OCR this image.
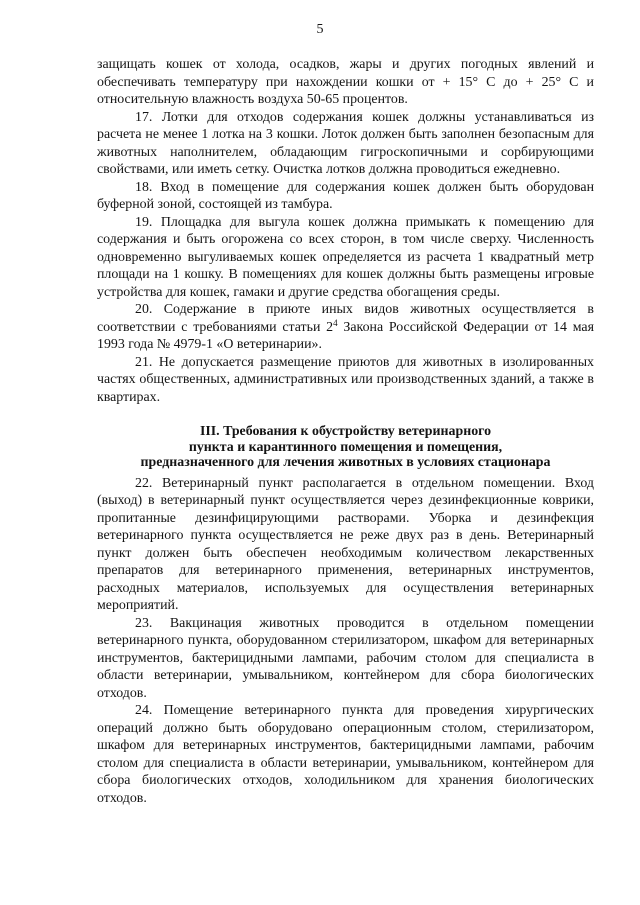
5

защищать кошек от холода, осадков, жары и других погодных явлений и обеспечивать температуру при нахождении кошки от + 15° С до + 25° С и относительную влажность воздуха 50-65 процентов.

17. Лотки для отходов содержания кошек должны устанавливаться из расчета не менее 1 лотка на 3 кошки. Лоток должен быть заполнен безопасным для животных наполнителем, обладающим гигроскопичными и сорбирующими свойствами, или иметь сетку. Очистка лотков должна проводиться ежедневно.

18. Вход в помещение для содержания кошек должен быть оборудован буферной зоной, состоящей из тамбура.

19. Площадка для выгула кошек должна примыкать к помещению для содержания и быть огорожена со всех сторон, в том числе сверху. Численность одновременно выгуливаемых кошек определяется из расчета 1 квадратный метр площади на 1 кошку. В помещениях для кошек должны быть размещены игровые устройства для кошек, гамаки и другие средства обогащения среды.

20. Содержание в приюте иных видов животных осуществляется в соответствии с требованиями статьи $2^4$ Закона Российской Федерации от 14 мая 1993 года № 4979-1 «О ветеринарии».

21. Не допускается размещение приютов для животных в изолированных частях общественных, административных или производственных зданий, а также в квартирах.

III. Требования к обустройству ветеринарного
пункта и карантинного помещения и помещения,
предназначенного для лечения животных в условиях стационара

22. Ветеринарный пункт располагается в отдельном помещении. Вход (выход) в ветеринарный пункт осуществляется через дезинфекционные коврики, пропитанные дезинфицирующими растворами. Уборка и дезинфекция ветеринарного пункта осуществляется не реже двух раз в день. Ветеринарный пункт должен быть обеспечен необходимым количеством лекарственных препаратов для ветеринарного применения, ветеринарных инструментов, расходных материалов, используемых для осуществления ветеринарных мероприятий.

23. Вакцинация животных проводится в отдельном помещении ветеринарного пункта, оборудованном стерилизатором, шкафом для ветеринарных инструментов, бактерицидными лампами, рабочим столом для специалиста в области ветеринарии, умывальником, контейнером для сбора биологических отходов.

24. Помещение ветеринарного пункта для проведения хирургических операций должно быть оборудовано операционным столом, стерилизатором, шкафом для ветеринарных инструментов, бактерицидными лампами, рабочим столом для специалиста в области ветеринарии, умывальником, контейнером для сбора биологических отходов, холодильником для хранения биологических отходов.
